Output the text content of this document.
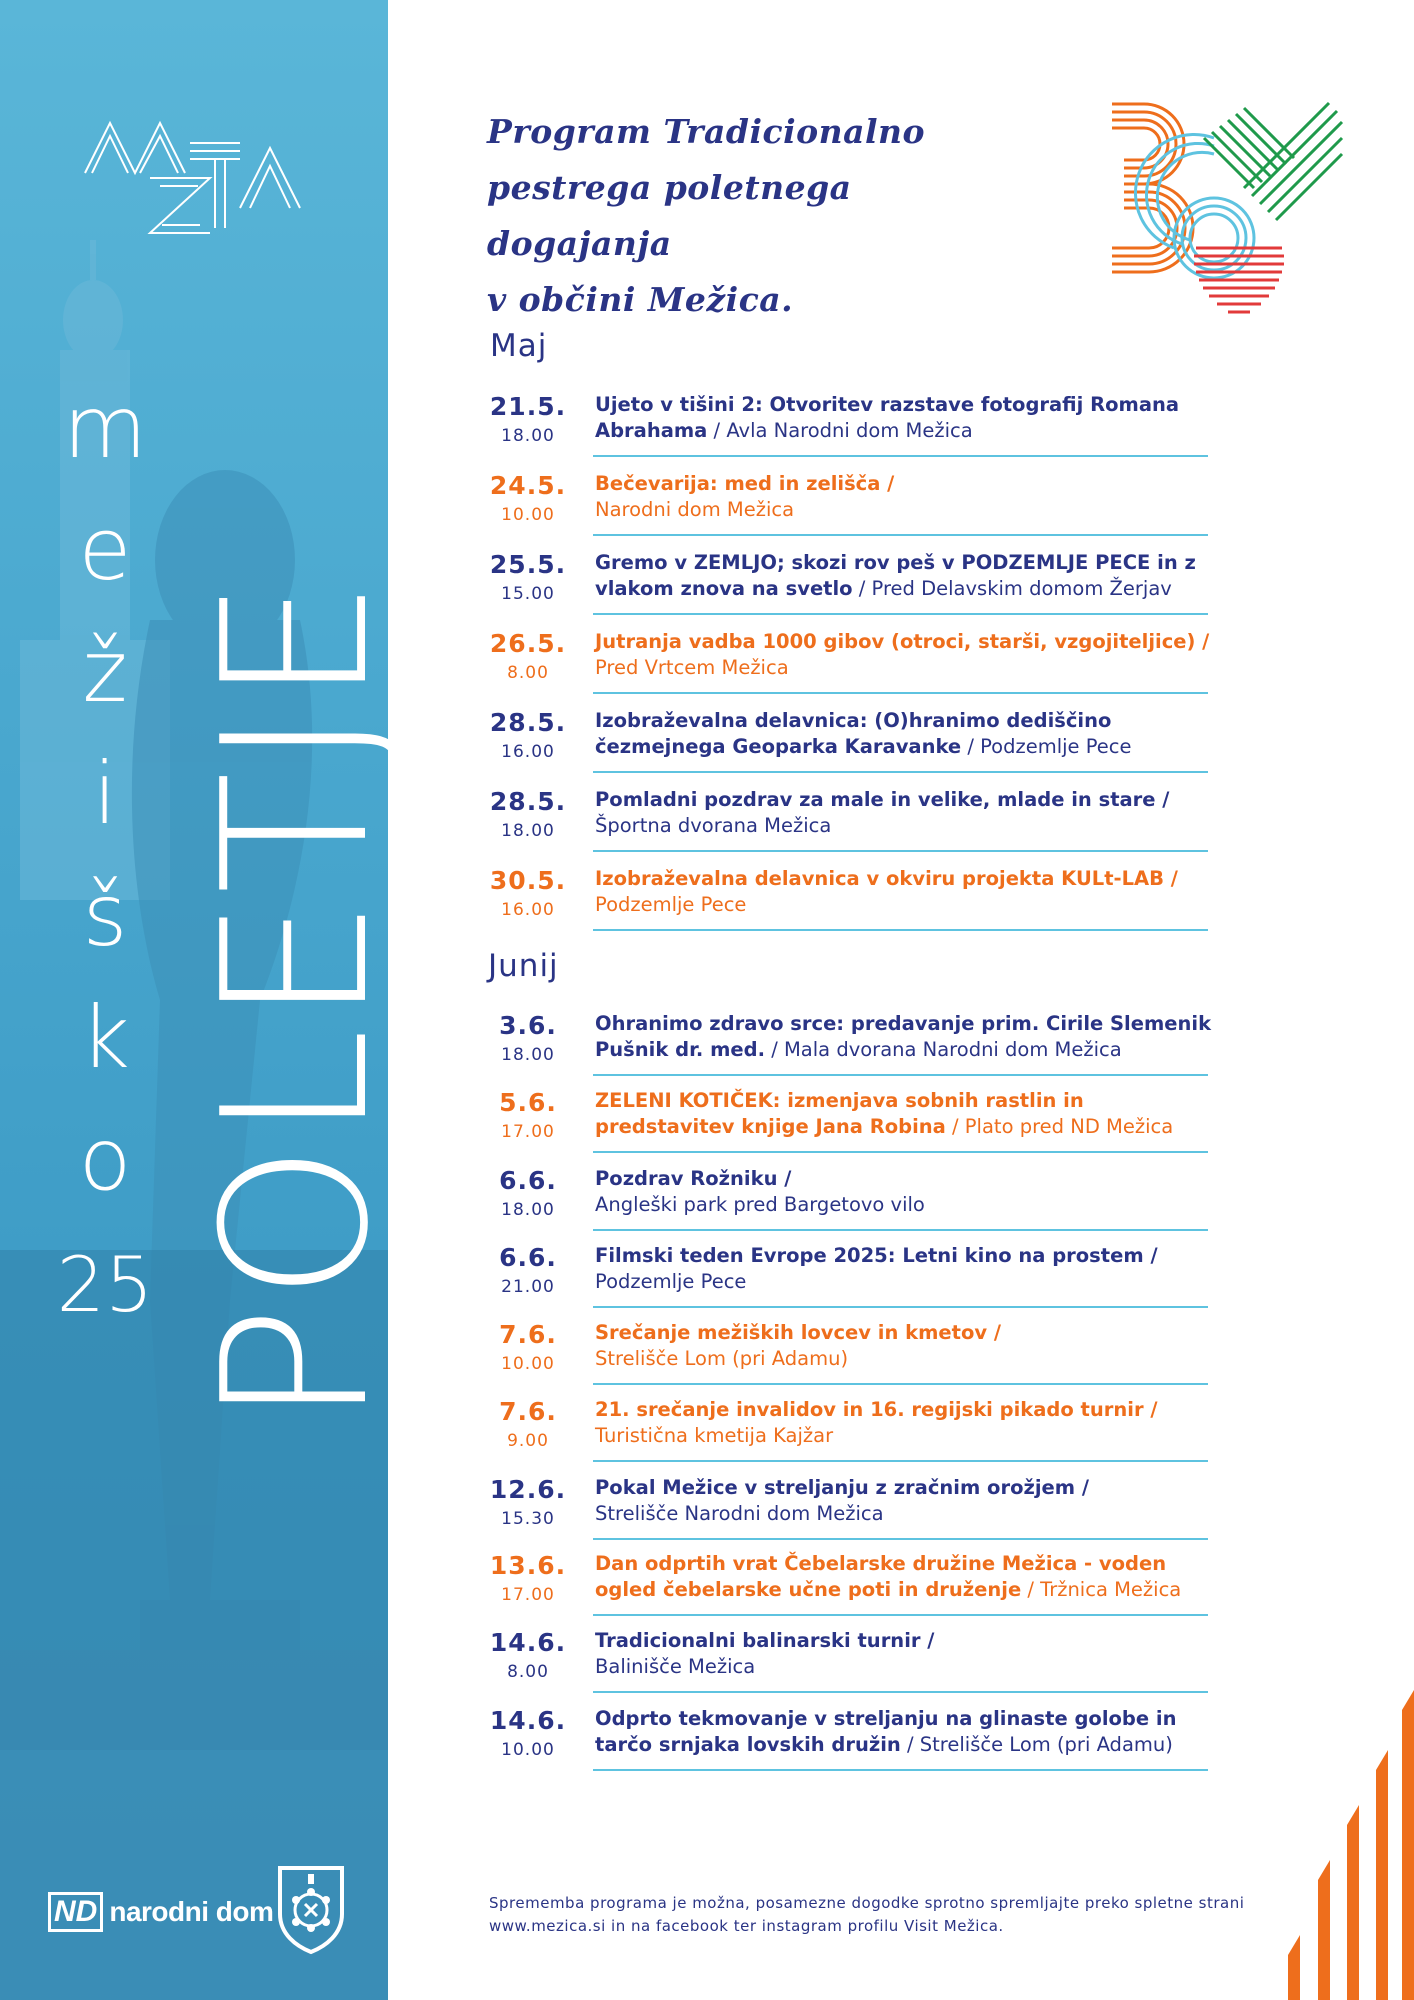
m
e
ž
i
š
k
o
25 POLETJE
ND narodni dom
Program Tradicionalno
pestrega poletnega dogajanja
v občini Mežica.
Maj
21.5.
18.00
Ujeto v tišini 2: Otvoritev razstave fotografij Romana Abrahama / Avla Narodni dom Mežica
24.5.
10.00
Bečevarija: med in zelišča /
Narodni dom Mežica
25.5.
15.00
Gremo v ZEMLJO; skozi rov peš v PODZEMLJE PECE in z vlakom znova na svetlo / Pred Delavskim domom Žerjav
26.5.
8.00
Jutranja vadba 1000 gibov (otroci, starši, vzgojiteljice) /
Pred Vrtcem Mežica
28.5.
16.00
Izobraževalna delavnica: (O)hranimo dediščino čezmejnega Geoparka Karavanke / Podzemlje Pece
28.5.
18.00
Pomladni pozdrav za male in velike, mlade in stare /
Športna dvorana Mežica
30.5.
16.00
Izobraževalna delavnica v okviru projekta KULt-LAB /
Podzemlje Pece
Junij
3.6.
18.00
Ohranimo zdravo srce: predavanje prim. Cirile Slemenik Pušnik dr. med. / Mala dvorana Narodni dom Mežica
5.6.
17.00
ZELENI KOTIČEK: izmenjava sobnih rastlin in predstavitev knjige Jana Robina / Plato pred ND Mežica
6.6.
18.00
Pozdrav Rožniku /
Angleški park pred Bargetovo vilo
6.6.
21.00
Filmski teden Evrope 2025: Letni kino na prostem /
Podzemlje Pece
7.6.
10.00
Srečanje mežiških lovcev in kmetov /
Strelišče Lom (pri Adamu)
7.6.
9.00
21. srečanje invalidov in 16. regijski pikado turnir /
Turistična kmetija Kajžar
12.6.
15.30
Pokal Mežice v streljanju z zračnim orožjem /
Strelišče Narodni dom Mežica
13.6.
17.00
Dan odprtih vrat Čebelarske družine Mežica - voden ogled čebelarske učne poti in druženje / Tržnica Mežica
14.6.
8.00
Tradicionalni balinarski turnir /
Balinišče Mežica
14.6.
10.00
Odprto tekmovanje v streljanju na glinaste golobe in tarčo srnjaka lovskih družin / Strelišče Lom (pri Adamu)
Sprememba programa je možna, posamezne dogodke sprotno spremljajte preko spletne strani www.mezica.si in na facebook ter instagram profilu Visit Mežica.
